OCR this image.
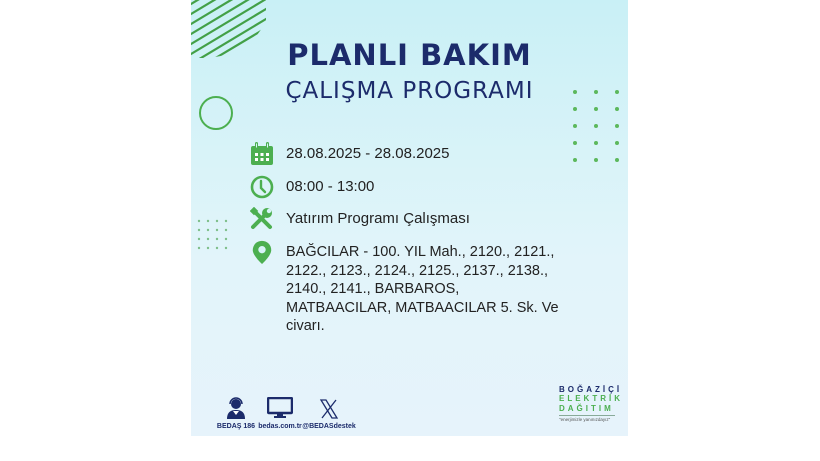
PLANLI BAKIM
ÇALIŞMA PROGRAMI
28.08.2025 - 28.08.2025
08:00 - 13:00
Yatırım Programı Çalışması
BAĞCILAR - 100. YIL Mah., 2120., 2121., 2122., 2123., 2124., 2125., 2137., 2138., 2140., 2141., BARBAROS, MATBAACILAR, MATBAACILAR 5. Sk. Ve civarı.
BEDAŞ 186 bedas.com.tr @BEDASdestek
BOĞAZİÇİ
ELEKTRİK
DAĞITIM
"enerjimizle yanınızdayız"
